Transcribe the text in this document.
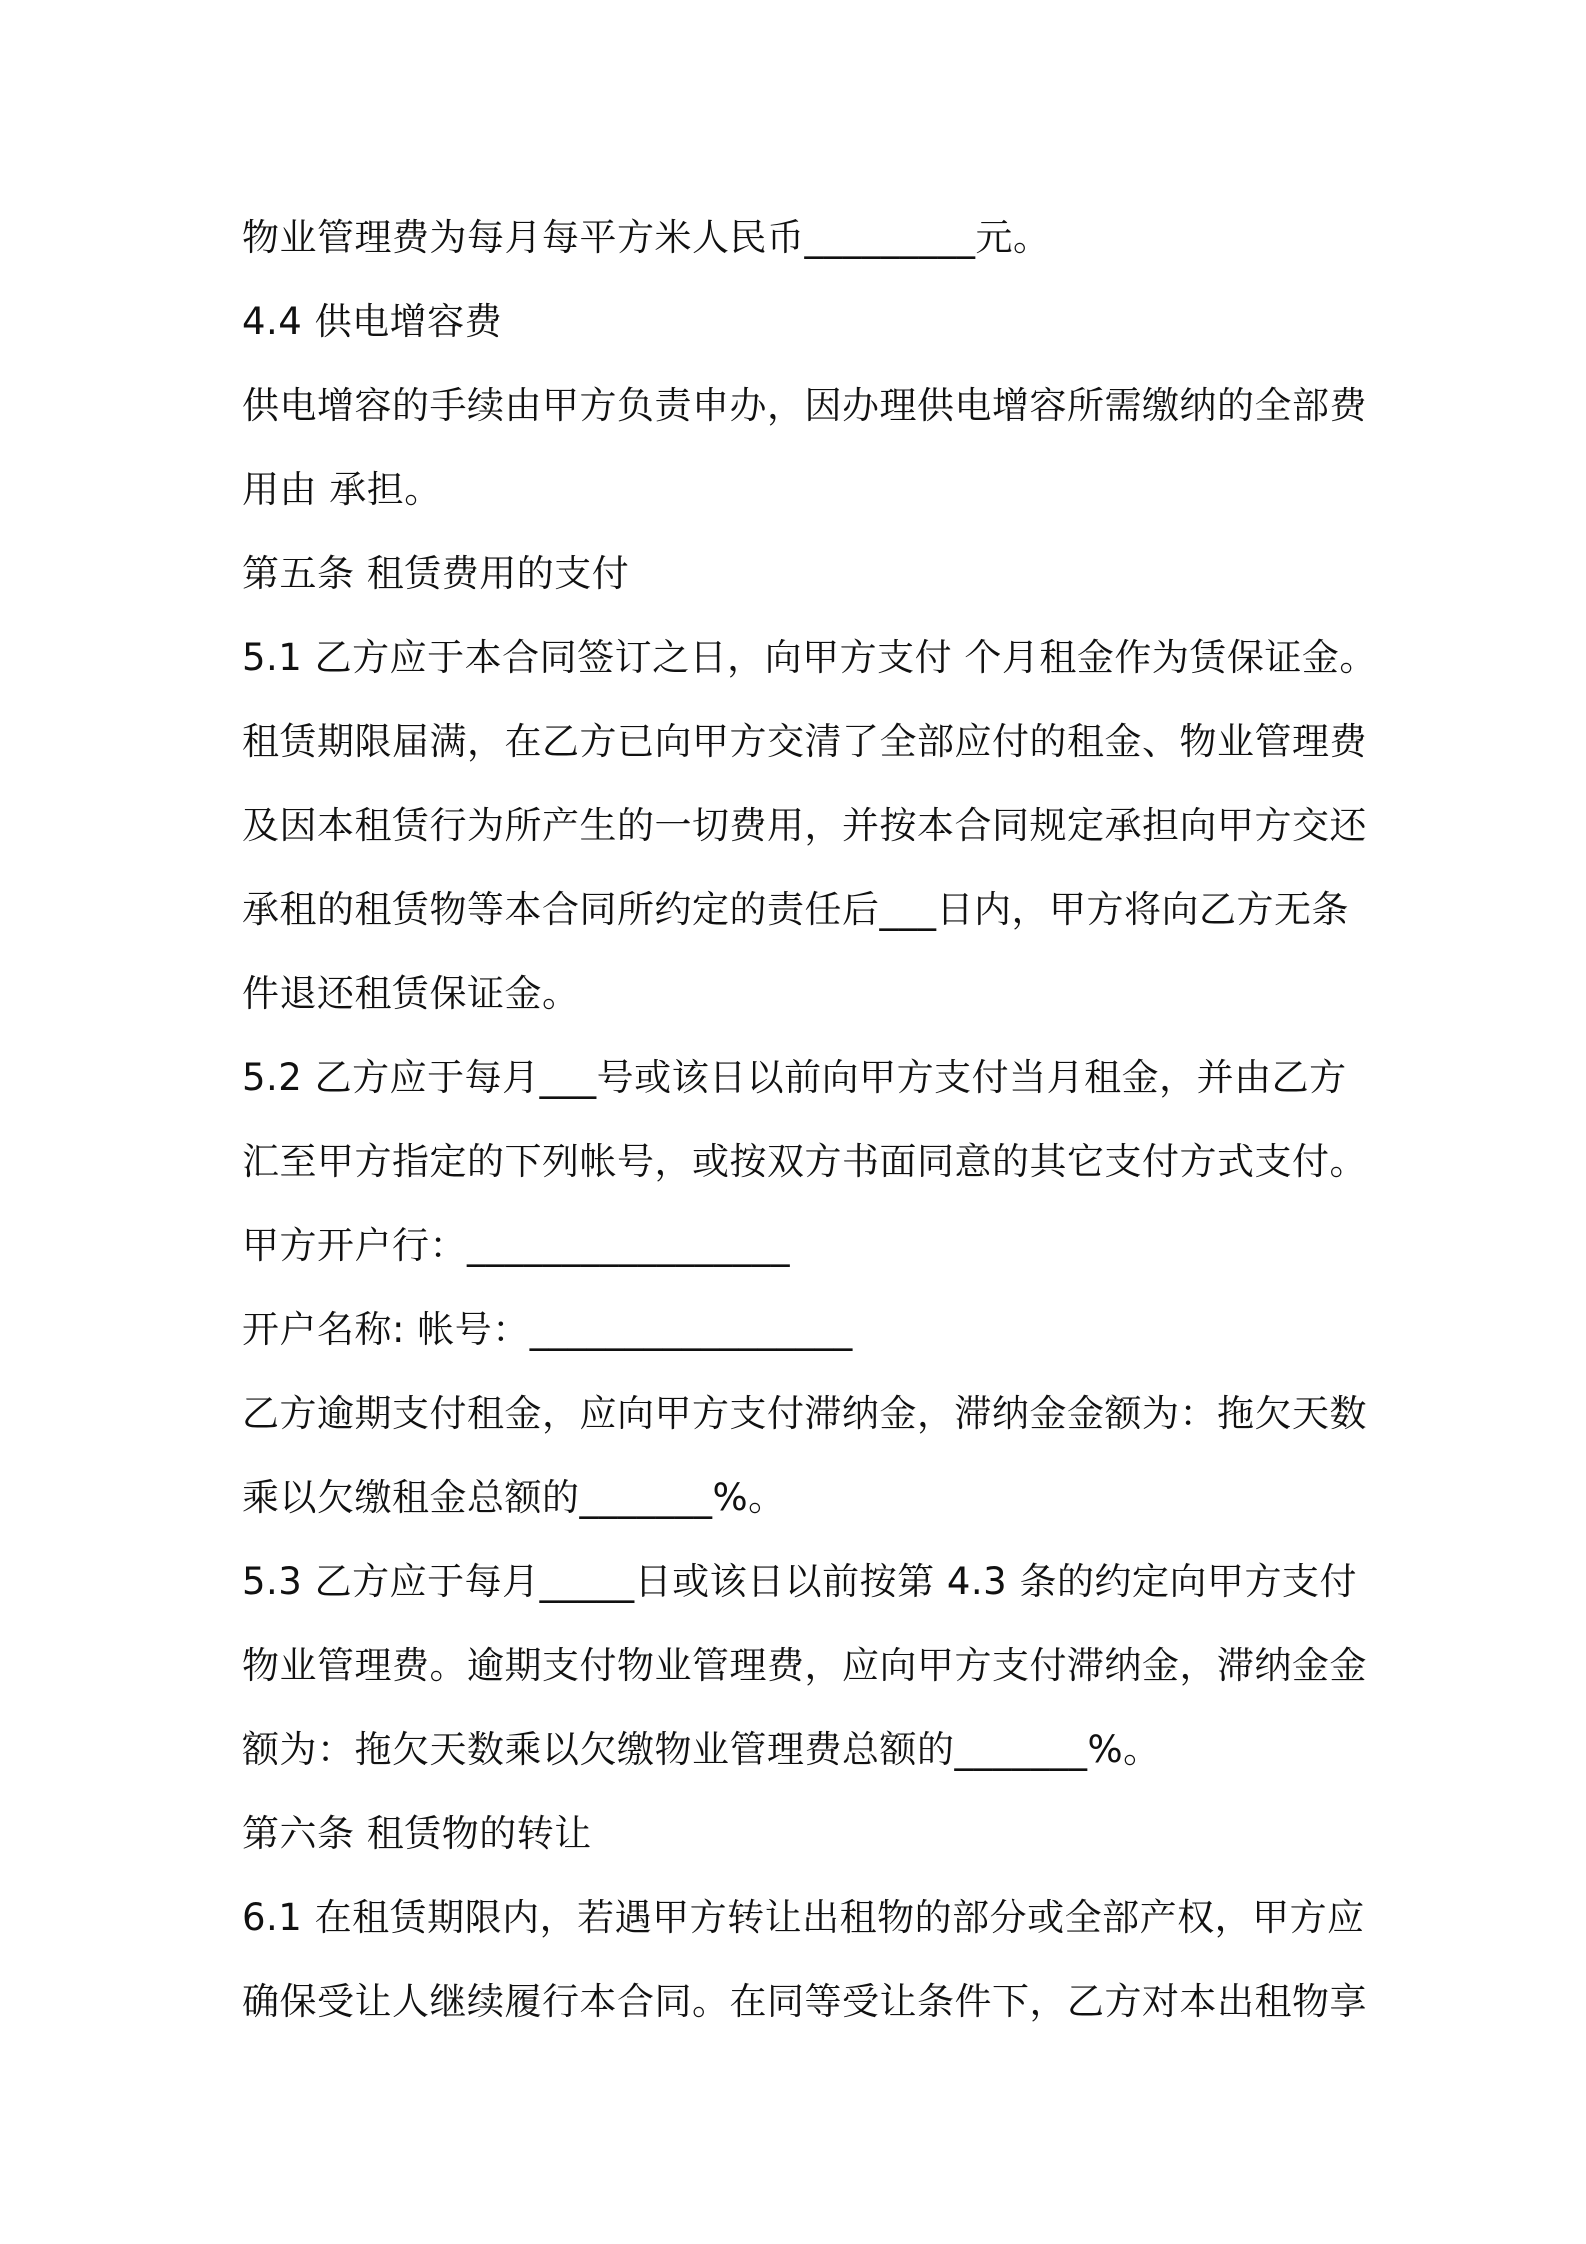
物业管理费为每月每平方米人民币_________元。
4.4 供电增容费
供电增容的手续由甲方负责申办，因办理供电增容所需缴纳的全部费
用由 承担。
第五条 租赁费用的支付
5.1 乙方应于本合同签订之日，向甲方支付 个月租金作为赁保证金。
租赁期限届满，在乙方已向甲方交清了全部应付的租金、物业管理费
及因本租赁行为所产生的一切费用，并按本合同规定承担向甲方交还
承租的租赁物等本合同所约定的责任后___日内，甲方将向乙方无条
件退还租赁保证金。
5.2 乙方应于每月___号或该日以前向甲方支付当月租金，并由乙方
汇至甲方指定的下列帐号，或按双方书面同意的其它支付方式支付。
甲方开户行：_________________
开户名称: 帐号：_________________
乙方逾期支付租金，应向甲方支付滞纳金，滞纳金金额为：拖欠天数
乘以欠缴租金总额的_______%。
5.3 乙方应于每月_____日或该日以前按第 4.3 条的约定向甲方支付
物业管理费。逾期支付物业管理费，应向甲方支付滞纳金，滞纳金金
额为：拖欠天数乘以欠缴物业管理费总额的_______%。
第六条 租赁物的转让
6.1 在租赁期限内，若遇甲方转让出租物的部分或全部产权，甲方应
确保受让人继续履行本合同。在同等受让条件下，乙方对本出租物享
